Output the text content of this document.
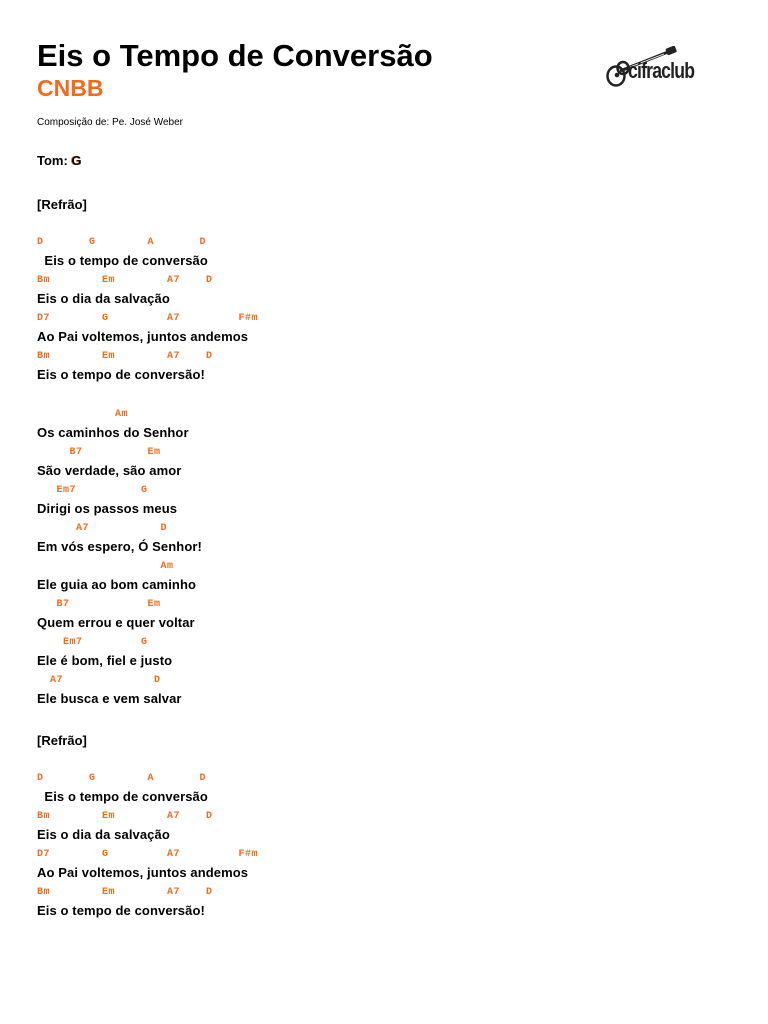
Eis o Tempo de Conversão
CNBB
cifraclub
Composição de: Pe. José Weber
Tom: G
[Refrão]
D       G        A       D
Eis o tempo de conversão
Bm        Em        A7    D
Eis o dia da salvação
D7        G         A7         F#m
Ao Pai voltemos, juntos andemos
Bm        Em        A7    D
Eis o tempo de conversão!
Am
Os caminhos do Senhor
B7          Em
São verdade, são amor
Em7          G
Dirigi os passos meus
A7           D
Em vós espero, Ó Senhor!
Am
Ele guia ao bom caminho
B7            Em
Quem errou e quer voltar
Em7         G
Ele é bom, fiel e justo
A7              D
Ele busca e vem salvar
[Refrão]
D       G        A       D
Eis o tempo de conversão
Bm        Em        A7    D
Eis o dia da salvação
D7        G         A7         F#m
Ao Pai voltemos, juntos andemos
Bm        Em        A7    D
Eis o tempo de conversão!
